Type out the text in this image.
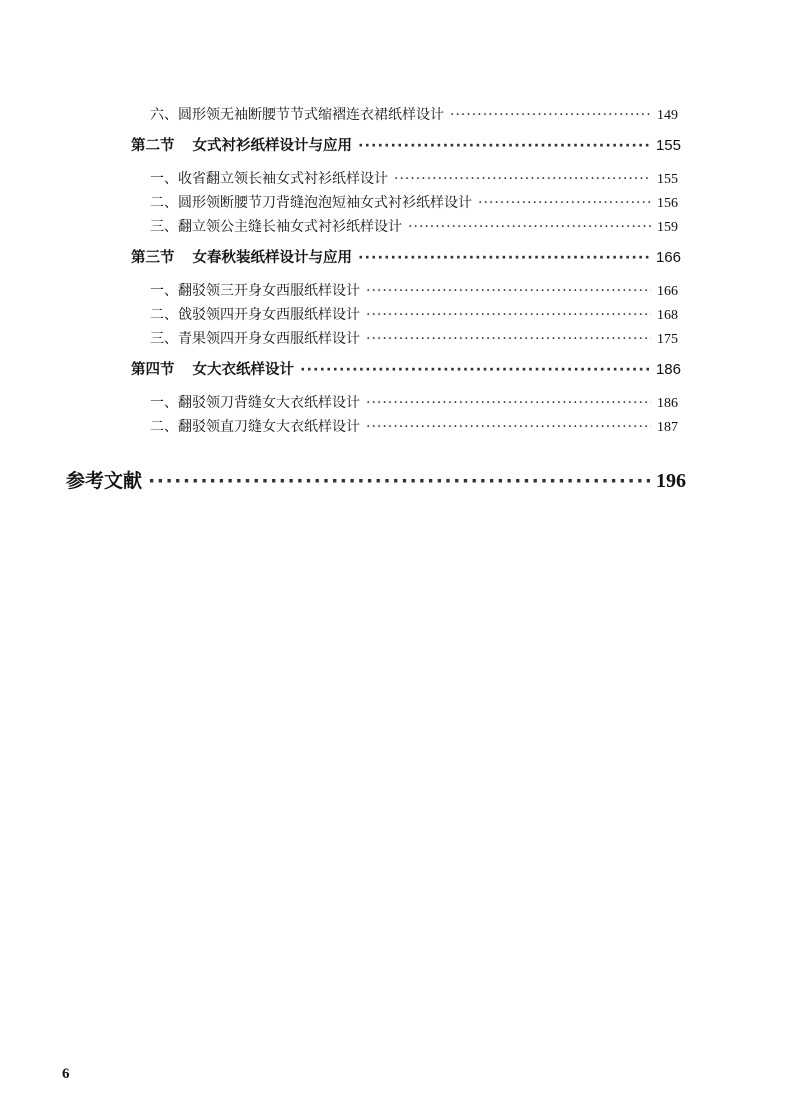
六、圆形领无袖断腰节节式缩褶连衣裙纸样设计 ·····	149
第二节 女式衬衫纸样设计与应用 ·····	155
一、收省翻立领长袖女式衬衫纸样设计 ·····	155
二、圆形领断腰节刀背缝泡泡短袖女式衬衫纸样设计 ·····	156
三、翻立领公主缝长袖女式衬衫纸样设计 ·····	159
第三节 女春秋装纸样设计与应用 ·····	166
一、翻驳领三开身女西服纸样设计 ·····	166
二、戗驳领四开身女西服纸样设计 ·····	168
三、青果领四开身女西服纸样设计 ·····	175
第四节 女大衣纸样设计 ·····	186
一、翻驳领刀背缝女大衣纸样设计 ·····	186
二、翻驳领直刀缝女大衣纸样设计 ·····	187
参考文献 ·····	196
6
